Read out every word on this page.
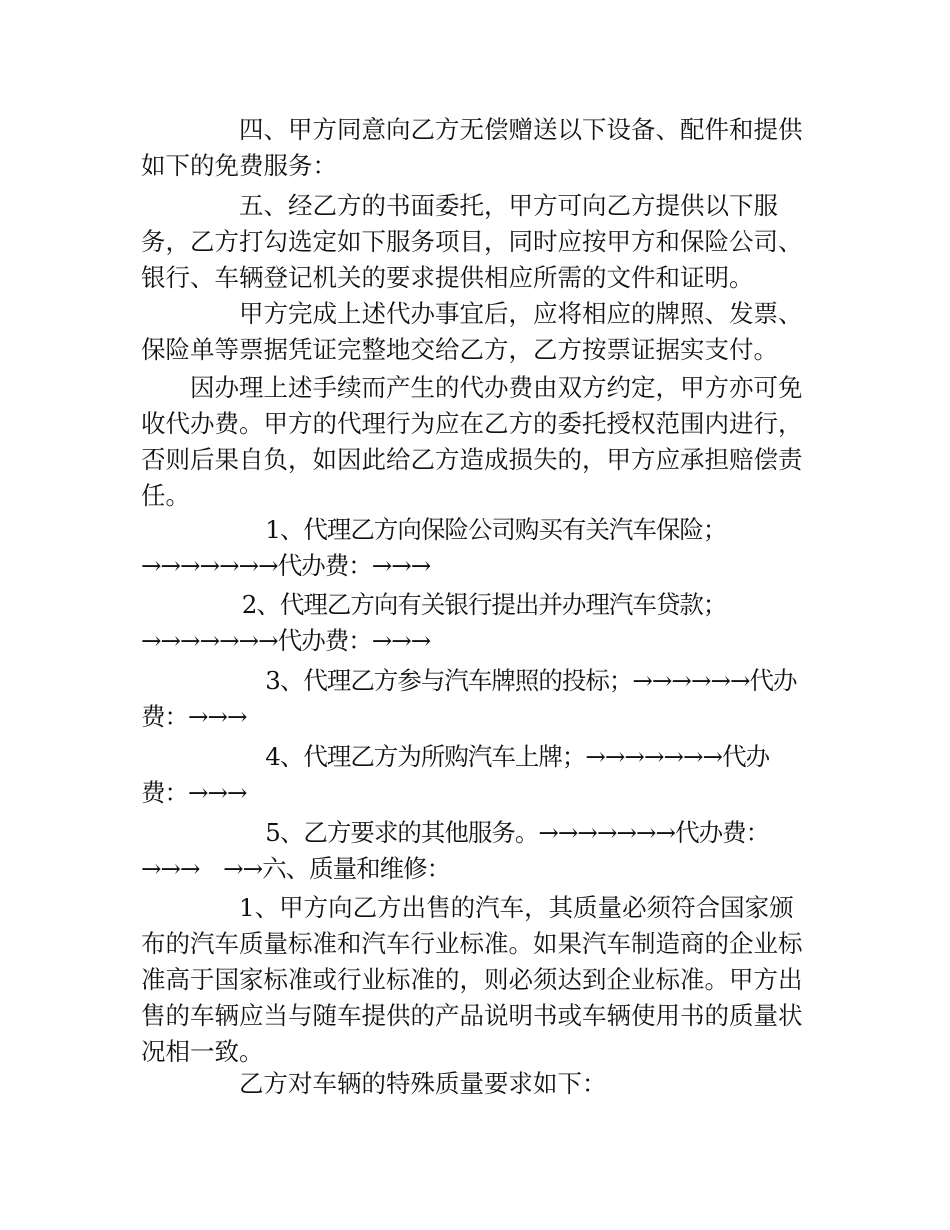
　　　　四、甲方同意向乙方无偿赠送以下设备、配件和提供如下的免费服务：

　　　　五、经乙方的书面委托，甲方可向乙方提供以下服务，乙方打勾选定如下服务项目，同时应按甲方和保险公司、银行、车辆登记机关的要求提供相应所需的文件和证明。

　　　　甲方完成上述代办事宜后，应将相应的牌照、发票、保险单等票据凭证完整地交给乙方，乙方按票证据实支付。

　　因办理上述手续而产生的代办费由双方约定，甲方亦可免收代办费。甲方的代理行为应在乙方的委托授权范围内进行，否则后果自负，如因此给乙方造成损失的，甲方应承担赔偿责任。

　　　　　 1、代理乙方向保险公司购买有关汽车保险；→→→→→→→代办费：→→→

　　　　 2、代理乙方向有关银行提出并办理汽车贷款；→→→→→→→代办费：→→→

　　　　　 3、代理乙方参与汽车牌照的投标；→→→→→→代办费：→→→

　　　　　 4、代理乙方为所购汽车上牌；→→→→→→→代办费：→→→

　　　　　 5、乙方要求的其他服务。→→→→→→→代办费：→→→　→→六、质量和维修：

　　　　1、甲方向乙方出售的汽车，其质量必须符合国家颁布的汽车质量标准和汽车行业标准。如果汽车制造商的企业标准高于国家标准或行业标准的，则必须达到企业标准。甲方出售的车辆应当与随车提供的产品说明书或车辆使用书的质量状况相一致。

　　　　乙方对车辆的特殊质量要求如下：
